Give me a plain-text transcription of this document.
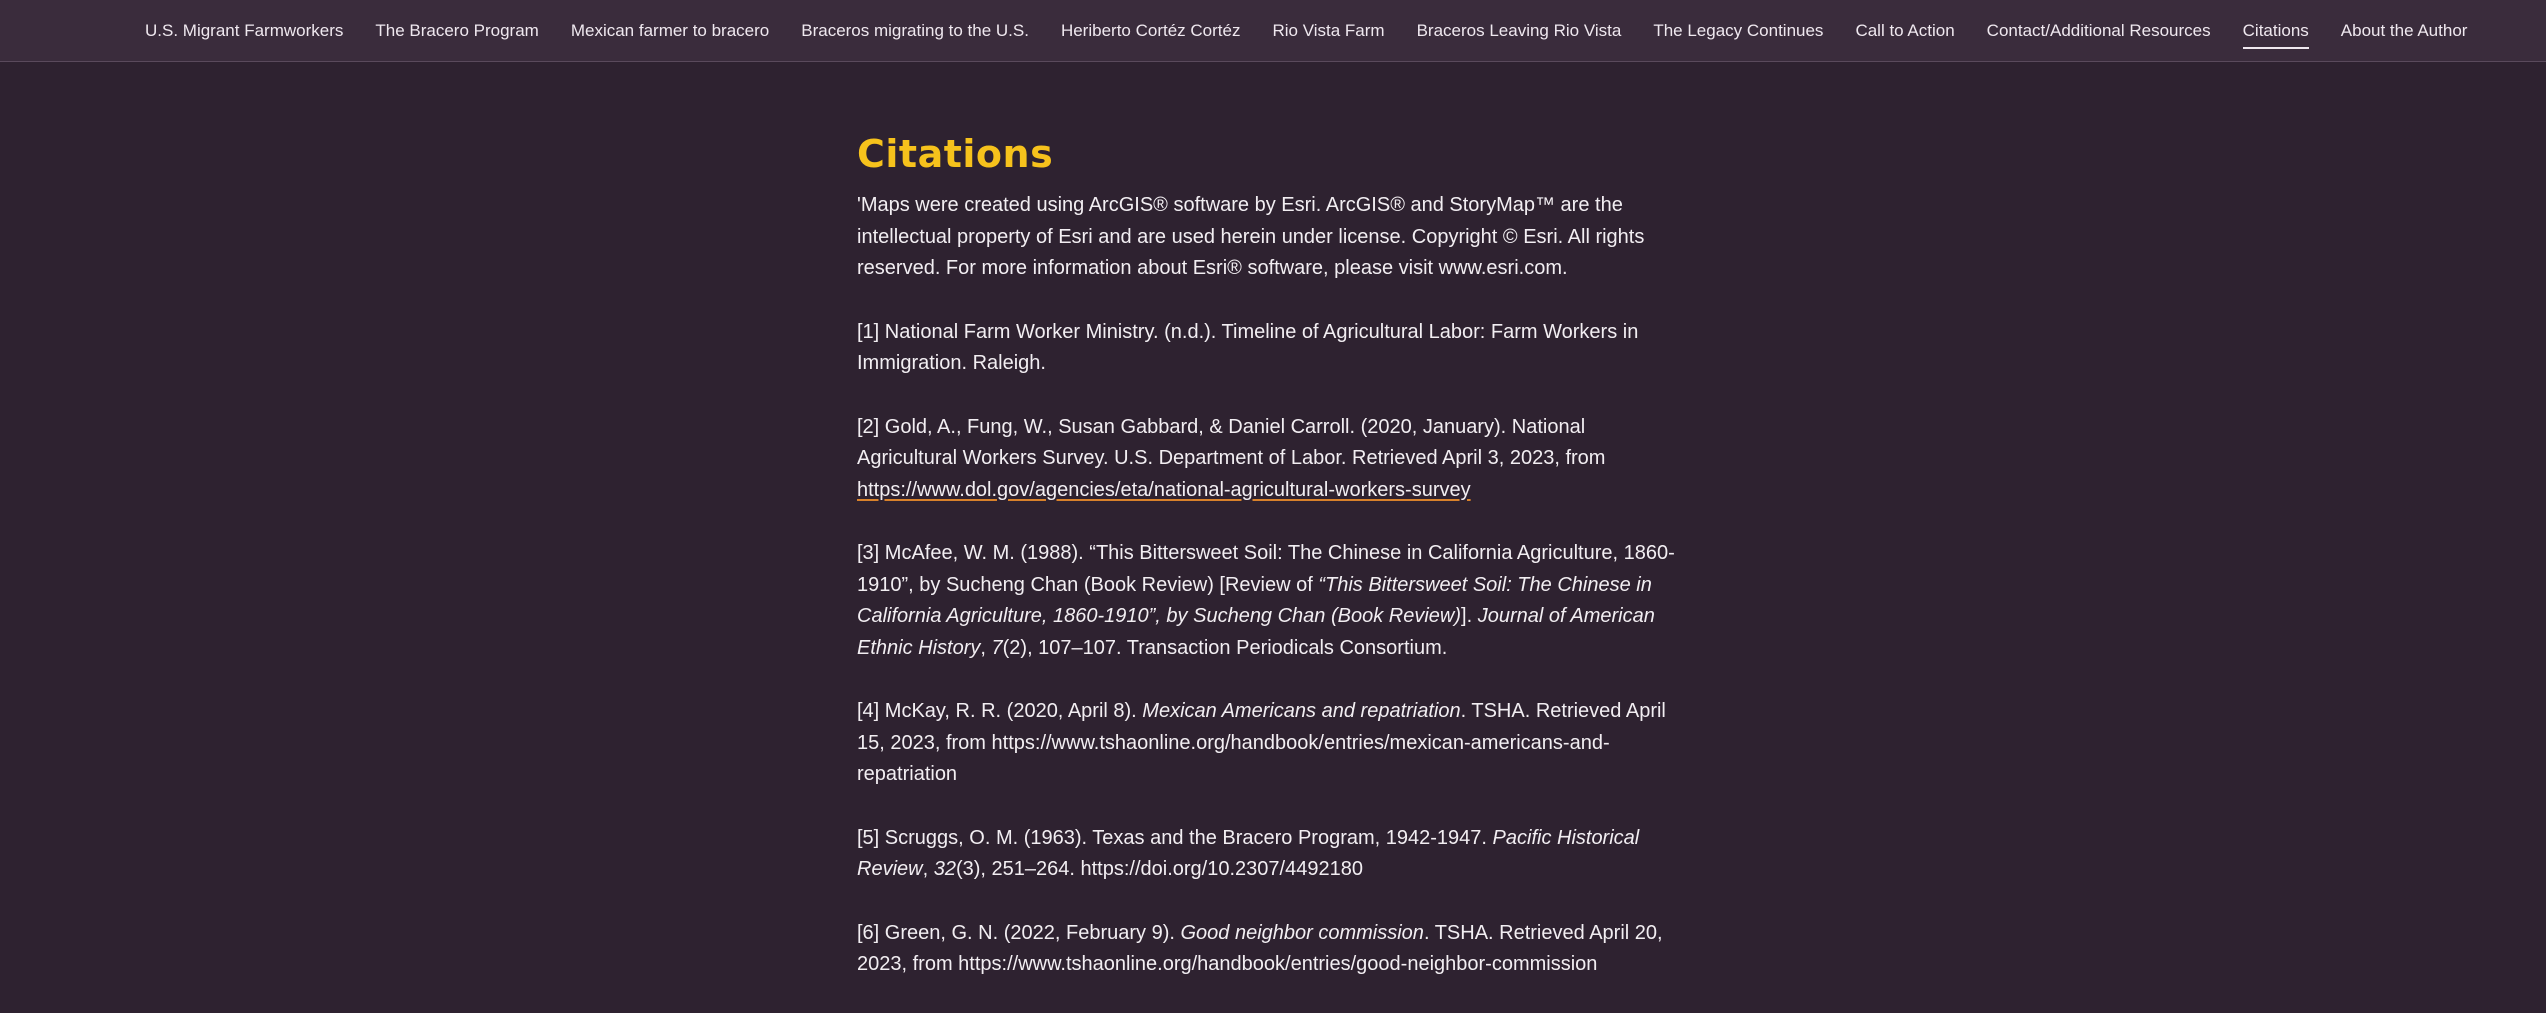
U.S. Migrant Farmworkers The Bracero Program Mexican farmer to bracero Braceros migrating to the U.S. Heriberto Cortéz Cortéz Rio Vista Farm Braceros Leaving Rio Vista The Legacy Continues Call to Action Contact/Additional Resources Citations About the Author
Citations

'Maps were created using ArcGIS® software by Esri. ArcGIS® and StoryMap™ are the intellectual property of Esri and are used herein under license. Copyright © Esri. All rights reserved. For more information about Esri® software, please visit www.esri.com.

[1] National Farm Worker Ministry. (n.d.). Timeline of Agricultural Labor: Farm Workers in Immigration. Raleigh.

[2] Gold, A., Fung, W., Susan Gabbard, & Daniel Carroll. (2020, January). National Agricultural Workers Survey. U.S. Department of Labor. Retrieved April 3, 2023, from https://www.dol.gov/agencies/eta/national-agricultural-workers-survey

[3] McAfee, W. M. (1988). “This Bittersweet Soil: The Chinese in California Agriculture, 1860-1910”, by Sucheng Chan (Book Review) [Review of “This Bittersweet Soil: The Chinese in California Agriculture, 1860-1910”, by Sucheng Chan (Book Review)]. Journal of American Ethnic History, 7(2), 107–107. Transaction Periodicals Consortium.

[4] McKay, R. R. (2020, April 8). Mexican Americans and repatriation. TSHA. Retrieved April 15, 2023, from https://www.tshaonline.org/handbook/entries/mexican-americans-and-repatriation

[5] Scruggs, O. M. (1963). Texas and the Bracero Program, 1942-1947. Pacific Historical Review, 32(3), 251–264. https://doi.org/10.2307/4492180

[6] Green, G. N. (2022, February 9). Good neighbor commission. TSHA. Retrieved April 20, 2023, from https://www.tshaonline.org/handbook/entries/good-neighbor-commission
